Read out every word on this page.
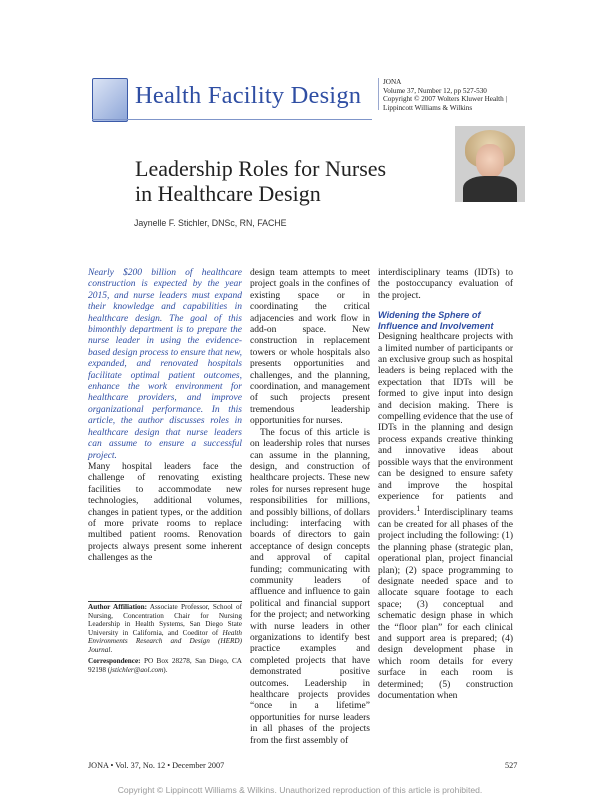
Health Facility Design	JONA
Volume 37, Number 12, pp 527-530
Copyright © 2007 Wolters Kluwer Health |
Lippincott Williams & Wilkins
Leadership Roles for Nurses
in Healthcare Design
Jaynelle F. Stichler, DNSc, RN, FACHE

Nearly $200 billion of healthcare construction is expected by the year 2015, and nurse leaders must expand their knowledge and capabilities in healthcare design. The goal of this bimonthly department is to prepare the nurse leader in using the evidence-based design process to ensure that new, expanded, and renovated hospitals facilitate optimal patient outcomes, enhance the work environment for healthcare providers, and improve organizational performance. In this article, the author discusses roles in healthcare design that nurse leaders can assume to ensure a successful project.

Many hospital leaders face the challenge of renovating existing facilities to accommodate new technologies, additional volumes, changes in patient types, or the addition of more private rooms to replace multibed patient rooms. Renovation projects always present some inherent challenges as the

Author Affiliation: Associate Professor, School of Nursing, Concentration Chair for Nursing Leadership in Health Systems, San Diego State University in California, and Coeditor of Health Environments Research and Design (HERD) Journal.

Correspondence: PO Box 28278, San Diego, CA 92198 (jstichler@aol.com).

design team attempts to meet project goals in the confines of existing space or in coordinating the critical adjacencies and work flow in add-on space. New construction in replacement towers or whole hospitals also presents opportunities and challenges, and the planning, coordination, and management of such projects present tremendous leadership opportunities for nurses.

The focus of this article is on leadership roles that nurses can assume in the planning, design, and construction of healthcare projects. These new roles for nurses represent huge responsibilities for millions, and possibly billions, of dollars including: interfacing with boards of directors to gain acceptance of design concepts and approval of capital funding; communicating with community leaders of affluence and influence to gain political and financial support for the project; and networking with nurse leaders in other organizations to identify best practice examples and completed projects that have demonstrated positive outcomes. Leadership in healthcare projects provides “once in a lifetime” opportunities for nurse leaders in all phases of the projects from the first assembly of

interdisciplinary teams (IDTs) to the postoccupancy evaluation of the project.

Widening the Sphere of
Influence and Involvement

Designing healthcare projects with a limited number of participants or an exclusive group such as hospital leaders is being replaced with the expectation that IDTs will be formed to give input into design and decision making. There is compelling evidence that the use of IDTs in the planning and design process expands creative thinking and innovative ideas about possible ways that the environment can be designed to ensure safety and improve the hospital experience for patients and providers.$^1$ Interdisciplinary teams can be created for all phases of the project including the following: (1) the planning phase (strategic plan, operational plan, project financial plan); (2) space programming to designate needed space and to allocate square footage to each space; (3) conceptual and schematic design phase in which the “floor plan” for each clinical and support area is prepared; (4) design development phase in which room details for every surface in each room is determined; (5) construction documentation when

JONA • Vol. 37, No. 12 • December 2007	527
Copyright © Lippincott Williams & Wilkins. Unauthorized reproduction of this article is prohibited.
